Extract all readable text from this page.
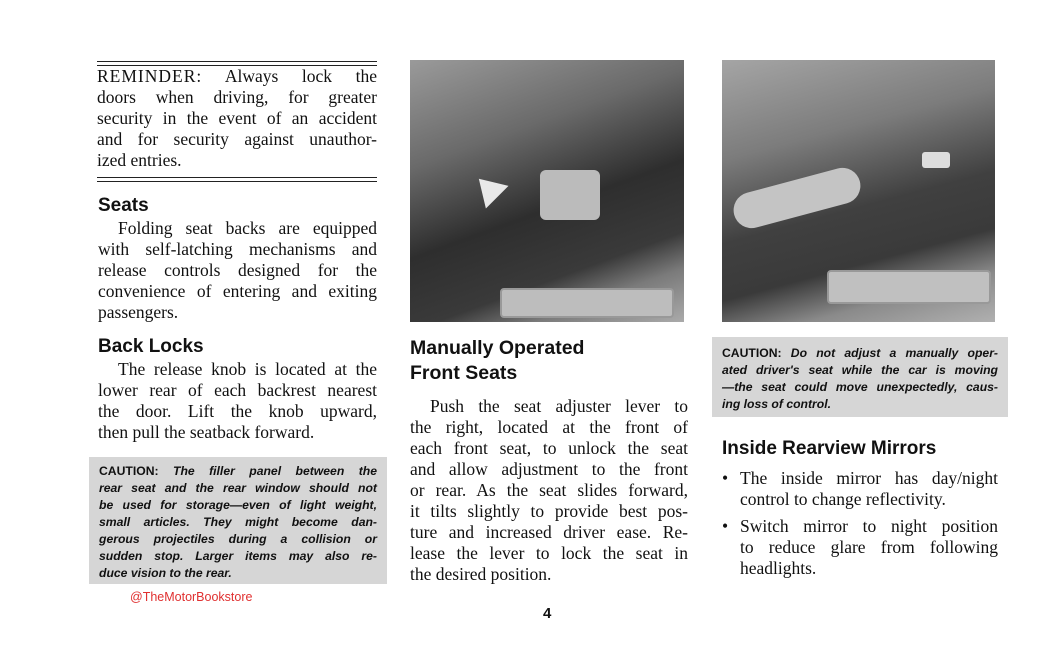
REMINDER: Always lock the
doors when driving, for greater
security in the event of an accident
and for security against unauthor-
ized entries.
Seats
Folding seat backs are equipped
with self-latching mechanisms and
release controls designed for the
convenience of entering and exiting
passengers.
Back Locks
The release knob is located at the
lower rear of each backrest nearest
the door. Lift the knob upward,
then pull the seatback forward.
CAUTION: The filler panel between the
rear seat and the rear window should not
be used for storage—even of light weight,
small articles. They might become dan-
gerous projectiles during a collision or
sudden stop. Larger items may also re-
duce vision to the rear.
@TheMotorBookstore
Manually Operated
Front Seats
Push the seat adjuster lever to
the right, located at the front of
each front seat, to unlock the seat
and allow adjustment to the front
or rear. As the seat slides forward,
it tilts slightly to provide best pos-
ture and increased driver ease. Re-
lease the lever to lock the seat in
the desired position.
CAUTION: Do not adjust a manually oper-
ated driver's seat while the car is moving
—the seat could move unexpectedly, caus-
ing loss of control.
Inside Rearview Mirrors
• The inside mirror has day/night
control to change reflectivity.
• Switch mirror to night position
to reduce glare from following
headlights.
4
